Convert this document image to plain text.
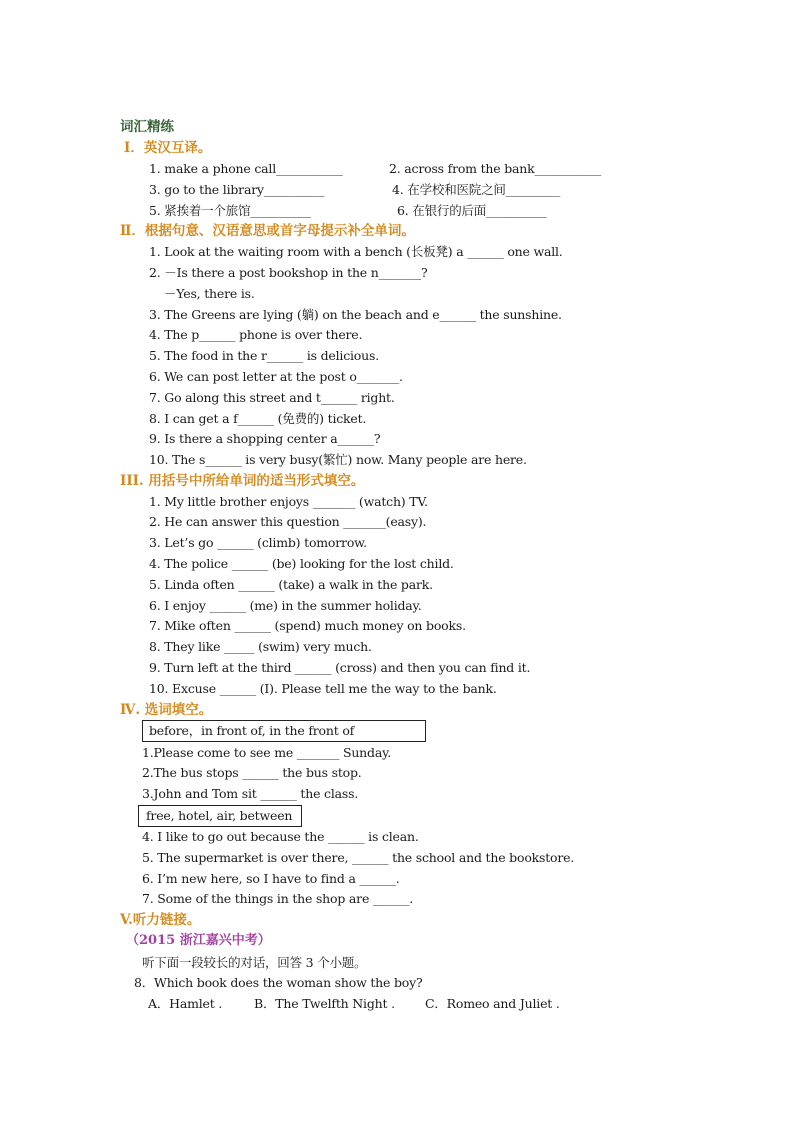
词汇精练
Ⅰ．英汉互译。
1. make a phone call___________	2. across from the bank___________
3. go to the library__________	4. 在学校和医院之间_________
5. 紧挨着一个旅馆__________	6. 在银行的后面__________
Ⅱ．根据句意、汉语意思或首字母提示补全单词。
1. Look at the waiting room with a bench (长板凳) a ______ one wall.
2. －Is there a post bookshop in the n_______?
－Yes, there is.
3. The Greens are lying (躺) on the beach and e______ the sunshine.
4. The p______ phone is over there.
5. The food in the r______ is delicious.
6. We can post letter at the post o_______.
7. Go along this street and t______ right.
8. I can get a f______ (免费的) ticket.
9. Is there a shopping center a______?
10. The s______ is very busy(繁忙) now. Many people are here.
III. 用括号中所给单词的适当形式填空。
1. My little brother enjoys _______ (watch) TV.
2. He can answer this question _______(easy).
3. Let’s go ______ (climb) tomorrow.
4. The police ______ (be) looking for the lost child.
5. Linda often ______ (take) a walk in the park.
6. I enjoy ______ (me) in the summer holiday.
7. Mike often ______ (spend) much money on books.
8. They like _____ (swim) very much.
9. Turn left at the third ______ (cross) and then you can find it.
10. Excuse ______ (I). Please tell me the way to the bank.
Ⅳ. 选词填空。
before，in front of, in the front of
1.Please come to see me _______ Sunday.
2.The bus stops ______ the bus stop.
3.John and Tom sit ______ the class.
free, hotel, air, between
4. I like to go out because the ______ is clean.
5. The supermarket is over there, ______ the school and the bookstore.
6. I’m new here, so I have to find a ______.
7. Some of the things in the shop are ______.
V.听力链接。
（2015 浙江嘉兴中考）
听下面一段较长的对话，回答 3 个小题。
8．Which book does the woman show the boy?
A．Hamlet .	B．The Twelfth Night . C．Romeo and Juliet .
